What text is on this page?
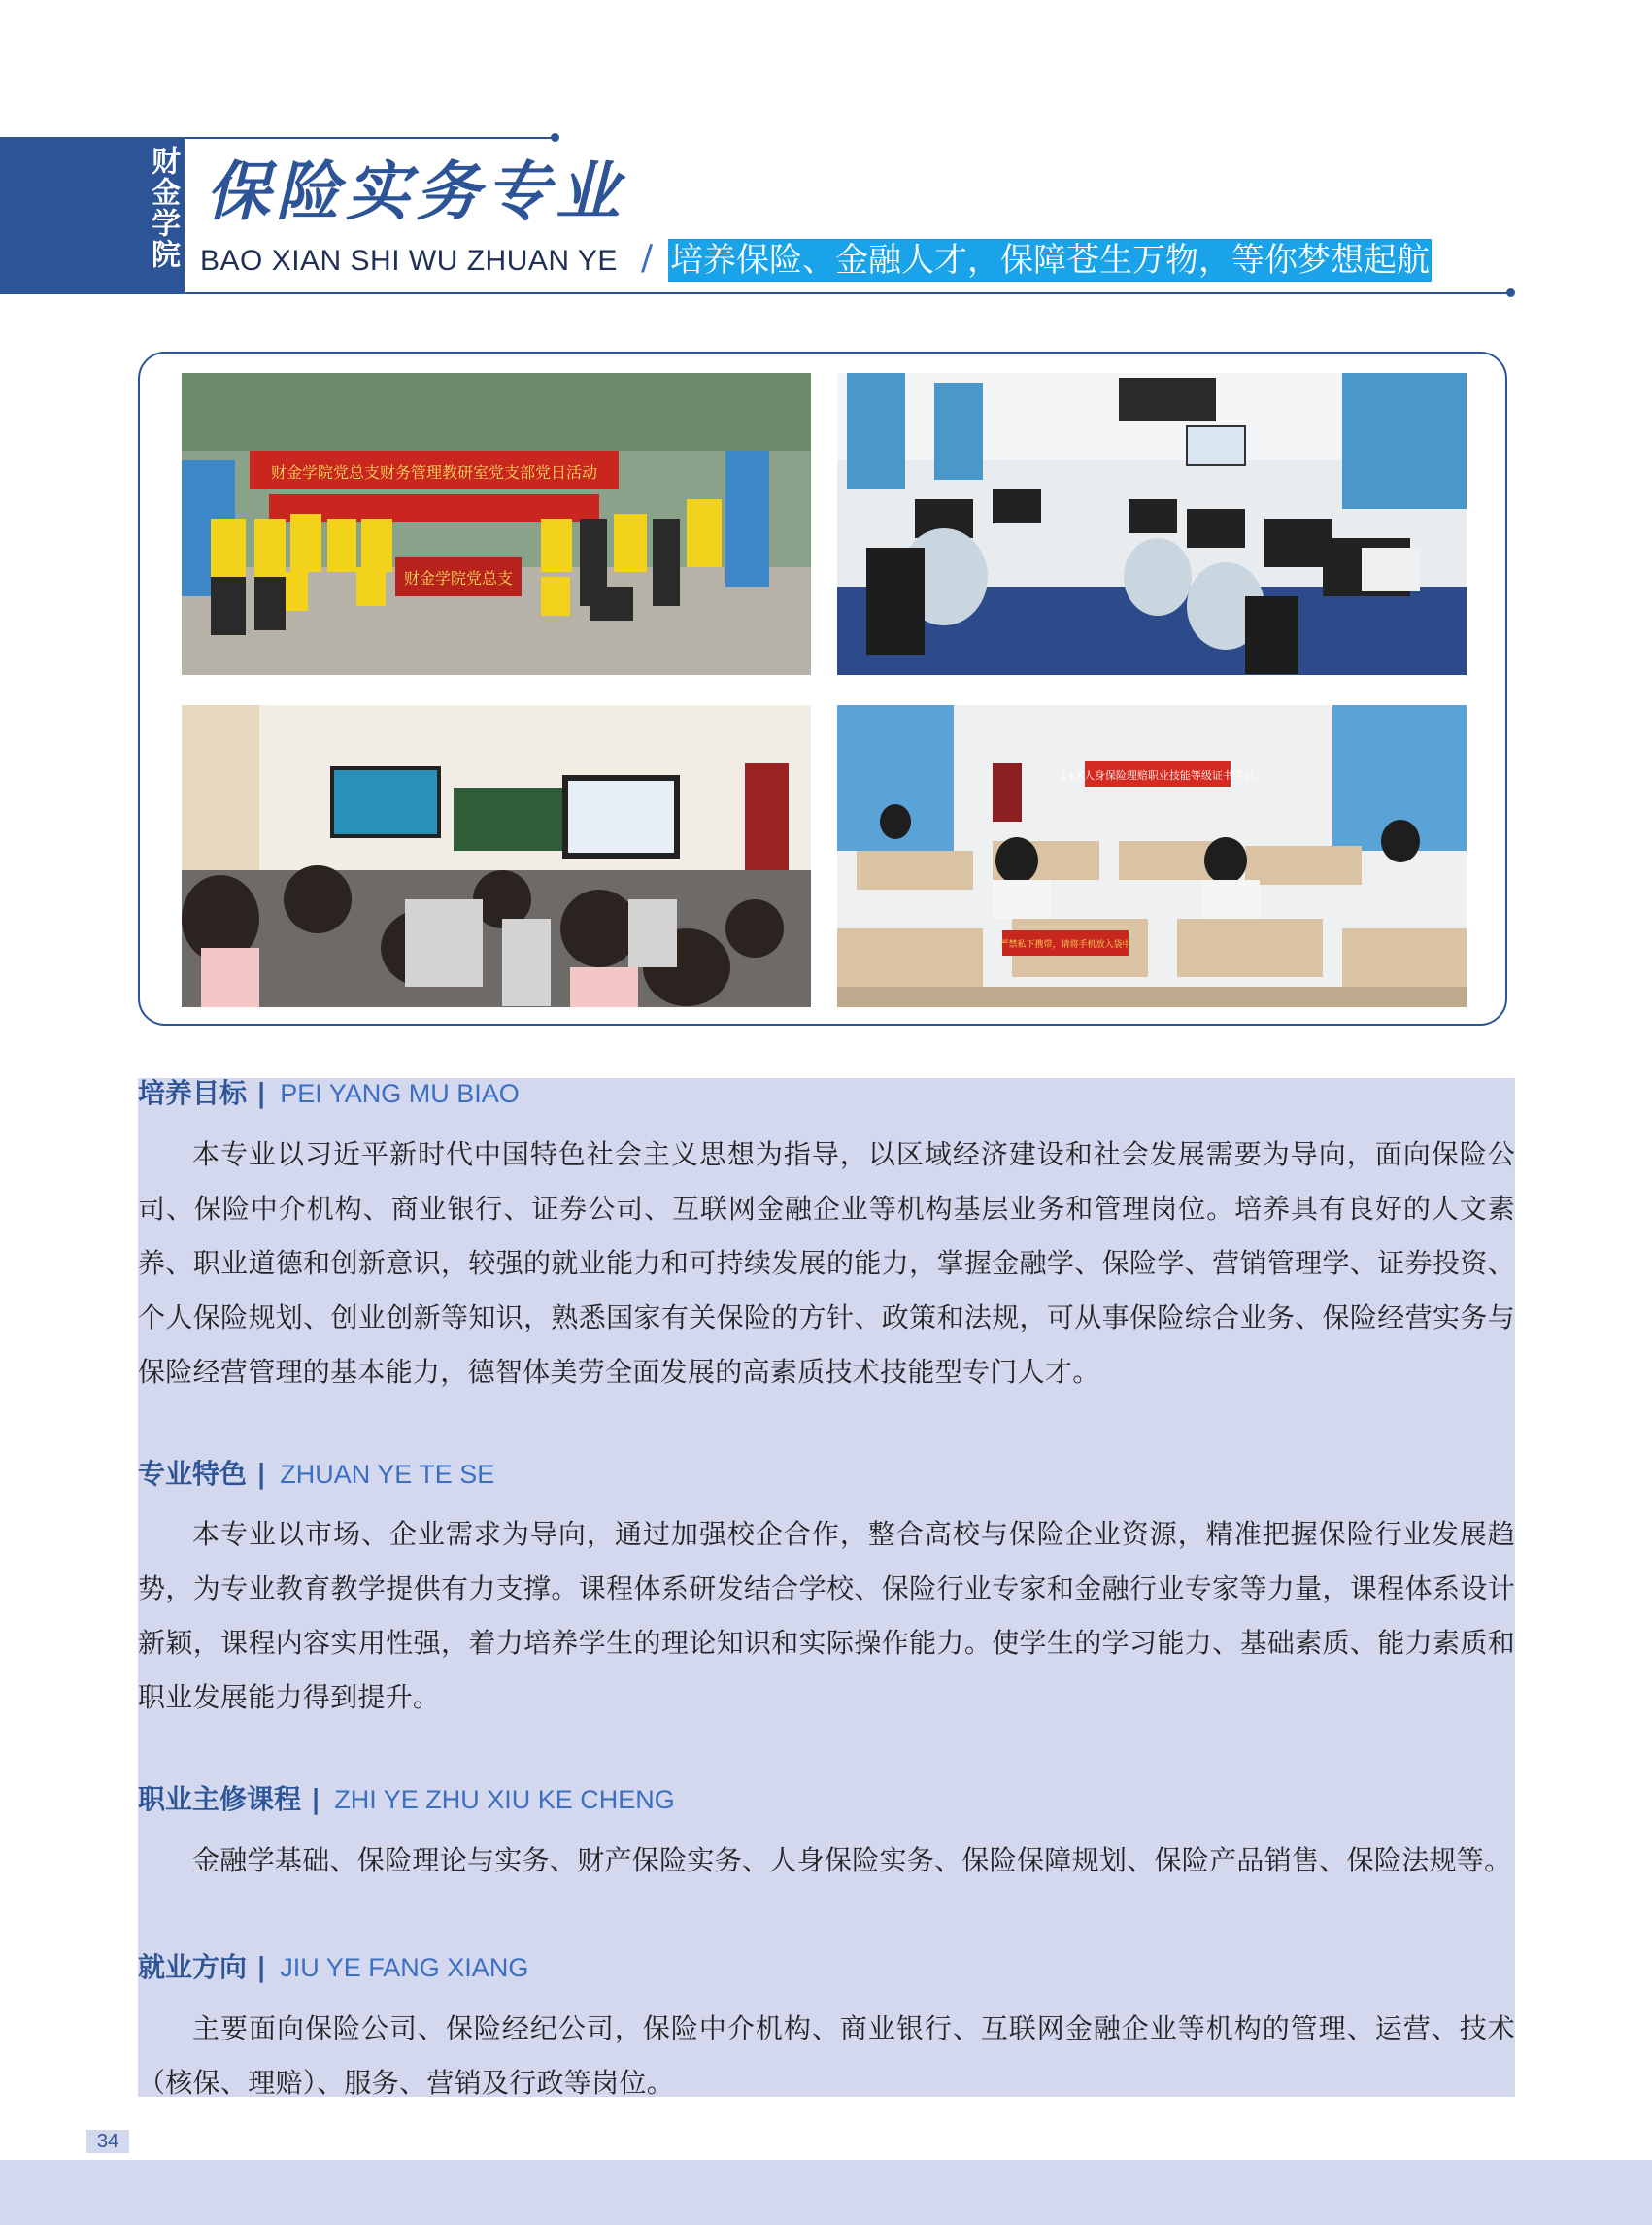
财金学院 保险实务专业
BAO XIAN SHI WU ZHUAN YE / 培养保险、金融人才，保障苍生万物，等你梦想起航
财金学院党总支财务管理教研室党支部党日活动
财金学院党总支
1+X人身保险理赔职业技能等级证书考试
严禁私下携带，请将手机放入袋中
培养目标 | PEI YANG MU BIAO

本专业以习近平新时代中国特色社会主义思想为指导，以区域经济建设和社会发展需要为导向，面向保险公司、保险中介机构、商业银行、证券公司、互联网金融企业等机构基层业务和管理岗位。培养具有良好的人文素养、职业道德和创新意识，较强的就业能力和可持续发展的能力，掌握金融学、保险学、营销管理学、证券投资、个人保险规划、创业创新等知识，熟悉国家有关保险的方针、政策和法规，可从事保险综合业务、保险经营实务与保险经营管理的基本能力，德智体美劳全面发展的高素质技术技能型专门人才。

专业特色 | ZHUAN YE TE SE

本专业以市场、企业需求为导向，通过加强校企合作，整合高校与保险企业资源，精准把握保险行业发展趋势，为专业教育教学提供有力支撑。课程体系研发结合学校、保险行业专家和金融行业专家等力量，课程体系设计新颖，课程内容实用性强，着力培养学生的理论知识和实际操作能力。使学生的学习能力、基础素质、能力素质和职业发展能力得到提升。

职业主修课程 | ZHI YE ZHU XIU KE CHENG

金融学基础、保险理论与实务、财产保险实务、人身保险实务、保险保障规划、保险产品销售、保险法规等。

就业方向 | JIU YE FANG XIANG

主要面向保险公司、保险经纪公司，保险中介机构、商业银行、互联网金融企业等机构的管理、运营、技术（核保、理赔）、服务、营销及行政等岗位。

34
